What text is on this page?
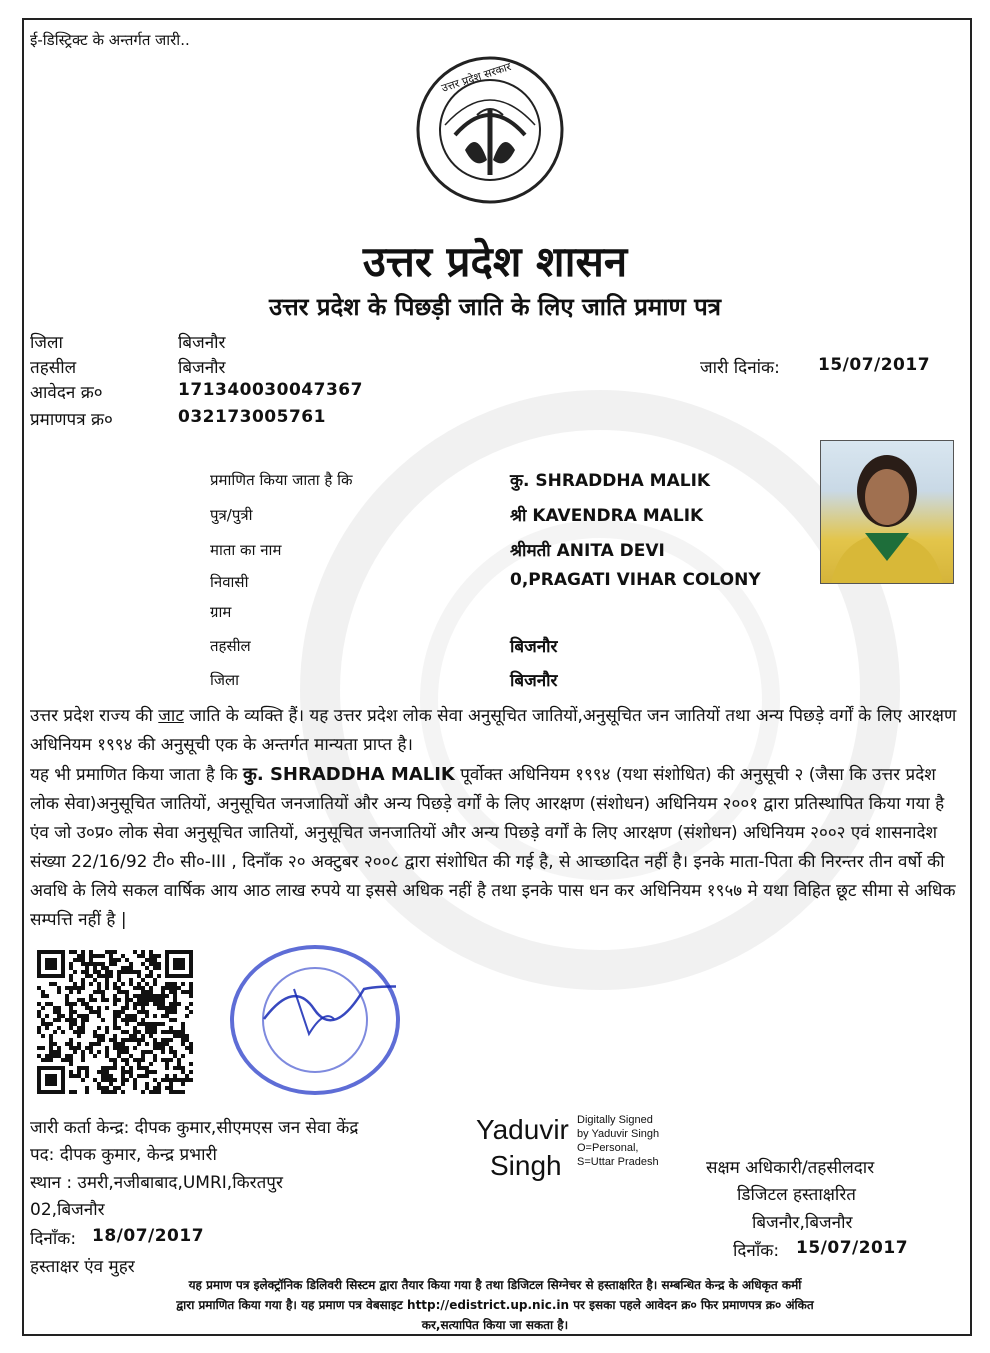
ई-डिस्ट्रिक्ट के अन्तर्गत जारी..
उत्तर प्रदेश सरकार
उत्तर प्रदेश शासन
उत्तर प्रदेश के पिछड़ी जाति के लिए जाति प्रमाण पत्र
जिला	बिजनौर
तहसील	बिजनौर
आवेदन क्र०	17134003004736​7
प्रमाणपत्र क्र०	032173005761
जारी दिनांक: 15/07/2017
प्रमाणित किया जाता है कि	कु. SHRADDHA MALIK
पुत्र/पुत्री	श्री KAVENDRA MALIK
माता का नाम	श्रीमती ANITA DEVI
निवासी	0,PRAGATI VIHAR COLONY
ग्राम
तहसील	बिजनौर
जिला	बिजनौर
उत्तर प्रदेश राज्य की जाट जाति के व्यक्ति हैं। यह उत्तर प्रदेश लोक सेवा अनुसूचित जातियों,अनुसूचित जन जातियों तथा अन्य पिछड़े वर्गों के लिए आरक्षण अधिनियम १९९४ की अनुसूची एक के अन्तर्गत मान्यता प्राप्त है।
यह भी प्रमाणित किया जाता है कि कु. SHRADDHA MALIK पूर्वोक्त अधिनियम १९९४ (यथा संशोधित) की अनुसूची २ (जैसा कि उत्तर प्रदेश लोक सेवा)अनुसूचित जातियों, अनुसूचित जनजातियों और अन्य पिछड़े वर्गों के लिए आरक्षण (संशोधन) अधिनियम २००१ द्वारा प्रतिस्थापित किया गया है एंव जो उ०प्र० लोक सेवा अनुसूचित जातियों, अनुसूचित जनजातियों और अन्य पिछड़े वर्गों के लिए आरक्षण (संशोधन) अधिनियम २००२ एवं शासनादेश संख्या 22/16/92 टी० सी०-III , दिनाँक २० अक्टुबर २००८ द्वारा संशोधित की गई है, से आच्छादित नहीं है। इनके माता-पिता की निरन्तर तीन वर्षो की अवधि के लिये सकल वार्षिक आय आठ लाख रुपये या इससे अधिक नहीं है तथा इनके पास धन कर अधिनियम १९५७ मे यथा विहित छूट सीमा से अधिक सम्पत्ति नहीं है |
जारी कर्ता केन्द्र: दीपक कुमार,सीएमएस जन सेवा केंद्र
पद: दीपक कुमार, केन्द्र प्रभारी
स्थान : उमरी,नजीबाबाद,UMRI,किरतपुर
02,बिजनौर
दिनाँक: 18/07/2017
हस्ताक्षर एंव मुहर
Yaduvir
Singh
Digitally Signed
by Yaduvir Singh
O=Personal,
S=Uttar Pradesh	सक्षम अधिकारी/तहसीलदार
डिजिटल हस्ताक्षरित
बिजनौर,बिजनौर
दिनाँक: 15/07/2017
यह प्रमाण पत्र इलेक्ट्रॉनिक डिलिवरी सिस्टम द्वारा तैयार किया गया है तथा डिजिटल सिग्नेचर से हस्ताक्षरित है। सम्बन्धित केन्द्र के अधिकृत कर्मी
द्वारा प्रमाणित किया गया है। यह प्रमाण पत्र वेबसाइट http://edistrict.up.nic.in पर इसका पहले आवेदन क्र० फिर प्रमाणपत्र क्र० अंकित
कर,सत्यापित किया जा सकता है।
